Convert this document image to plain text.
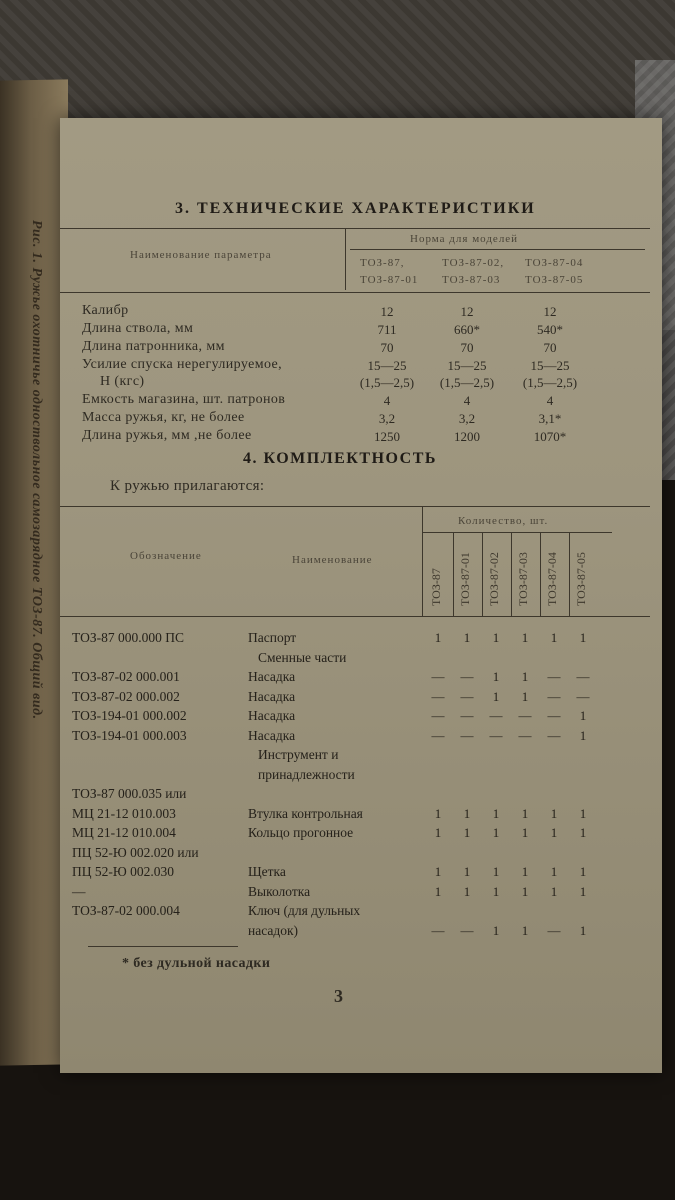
Рис. 1. Ружье охотничье одноствольное самозарядное ТОЗ-87. Общий вид.
3. ТЕХНИЧЕСКИЕ ХАРАКТЕРИСТИКИ
Наименование параметра
Норма для моделей
ТОЗ-87,
ТОЗ-87-01
ТОЗ-87-02,
ТОЗ-87-03
ТОЗ-87-04
ТОЗ-87-05
Калибр	12	12	12
Длина ствола, мм	711	660*	540*
Длина патронника, мм	70	70	70
Усилие спуска нерегулируемое,	15—25	15—25	15—25
Н (кгс)	(1,5—2,5)	(1,5—2,5)	(1,5—2,5)
Емкость магазина, шт. патронов	4	4	4
Масса ружья, кг, не более	3,2	3,2	3,1*
Длина ружья, мм ,не более	1250	1200	1070*
4. КОМПЛЕКТНОСТЬ
К ружью прилагаются:
Обозначение	Наименование
Количество, шт.
ТОЗ-87 ТОЗ-87-01 ТОЗ-87-02 ТОЗ-87-03 ТОЗ-87-04 ТОЗ-87-05
ТОЗ-87 000.000 ПС	Паспорт	1	1	1	1	1	1
Сменные части
ТОЗ-87-02 000.001	Насадка	— —	1	1	— —
ТОЗ-87-02 000.002	Насадка	— —	1	1	— —
ТОЗ-194-01 000.002	Насадка	— — — — —	1
ТОЗ-194-01 000.003	Насадка	— — — — —	1
Инструмент и
принадлежности
ТОЗ-87 000.035 или
МЦ 21-12 010.003	Втулка контрольная	1	1	1	1	1	1
МЦ 21-12 010.004	Кольцо прогонное	1	1	1	1	1	1
ПЦ 52-Ю 002.020 или
ПЦ 52-Ю 002.030	Щетка	1	1	1	1	1	1
—	Выколотка	1	1	1	1	1	1
ТОЗ-87-02 000.004	Ключ (для дульных
насадок)	— —	1	1	—	1
* без дульной насадки
3
